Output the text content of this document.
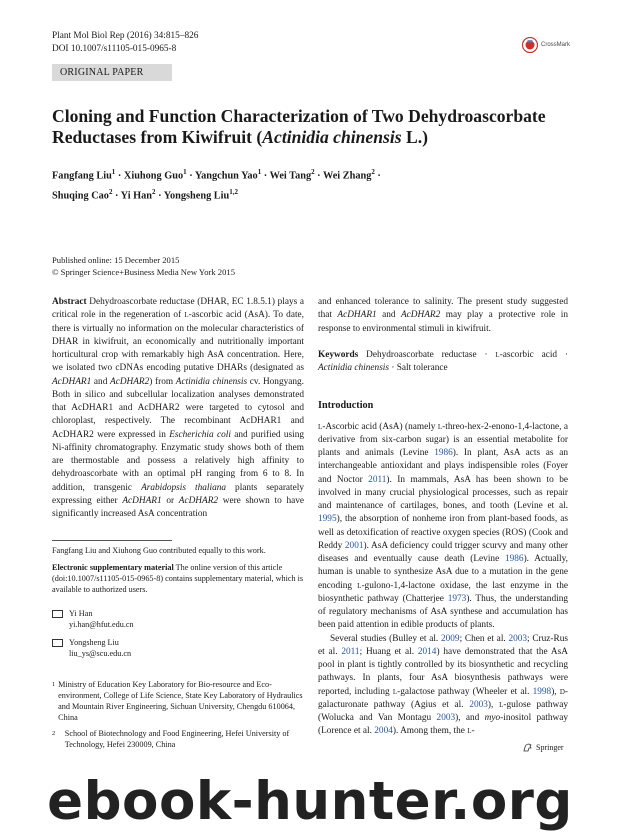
Plant Mol Biol Rep (2016) 34:815–826
DOI 10.1007/s11105-015-0965-8	CrossMark
ORIGINAL PAPER
Cloning and Function Characterization of Two Dehydroascorbate Reductases from Kiwifruit (Actinidia chinensis L.)
Fangfang Liu$^1$ · Xiuhong Guo$^1$ · Yangchun Yao$^1$ · Wei Tang$^2$ · Wei Zhang$^2$ ·
Shuqing Cao$^2$ · Yi Han$^2$ · Yongsheng Liu$^{1,2}$
Published online: 15 December 2015
© Springer Science+Business Media New York 2015

Abstract Dehydroascorbate reductase (DHAR, EC 1.8.5.1) plays a critical role in the regeneration of l-ascorbic acid (AsA). To date, there is virtually no information on the molecular characteristics of DHAR in kiwifruit, an economically and nutritionally important horticultural crop with remarkably high AsA concentration. Here, we isolated two cDNAs encoding putative DHARs (designated as AcDHAR1 and AcDHAR2) from Actinidia chinensis cv. Hongyang. Both in silico and subcellular localization analyses demonstrated that AcDHAR1 and AcDHAR2 were targeted to cytosol and chloroplast, respectively. The recombinant AcDHAR1 and AcDHAR2 were expressed in Escherichia coli and purified using Ni-affinity chromatography. Enzymatic study shows both of them are thermostable and possess a relatively high affinity to dehydroascorbate with an optimal pH ranging from 6 to 8. In addition, transgenic Arabidopsis thaliana plants separately expressing either AcDHAR1 or AcDHAR2 were shown to have significantly increased AsA concentration

and enhanced tolerance to salinity. The present study suggested that AcDHAR1 and AcDHAR2 may play a protective role in response to environmental stimuli in kiwifruit.

Keywords Dehydroascorbate reductase · l-ascorbic acid · Actinidia chinensis · Salt tolerance

Introduction

l-Ascorbic acid (AsA) (namely l-threo-hex-2-enono-1,4-lactone, a derivative from six-carbon sugar) is an essential metabolite for plants and animals (Levine 1986). In plant, AsA acts as an interchangeable antioxidant and plays indispensible roles (Foyer and Noctor 2011). In mammals, AsA has been shown to be involved in many crucial physiological processes, such as repair and maintenance of cartilages, bones, and tooth (Levine et al. 1995), the absorption of nonheme iron from plant-based foods, as well as detoxification of reactive oxygen species (ROS) (Cook and Reddy 2001). AsA deficiency could trigger scurvy and many other diseases and eventually cause death (Levine 1986). Actually, human is unable to synthesize AsA due to a mutation in the gene encoding l-gulono-1,4-lactone oxidase, the last enzyme in the biosynthetic pathway (Chatterjee 1973). Thus, the understanding of regulatory mechanisms of AsA synthese and accumulation has been paid attention in edible products of plants.

Several studies (Bulley et al. 2009; Chen et al. 2003; Cruz-Rus et al. 2011; Huang et al. 2014) have demonstrated that the AsA pool in plant is tightly controlled by its biosynthetic and recycling pathways. In plants, four AsA biosynthesis pathways were reported, including l-galactose pathway (Wheeler et al. 1998), d-galacturonate pathway (Agius et al. 2003), l-gulose pathway (Wolucka and Van Montagu 2003), and myo-inositol pathway (Lorence et al. 2004). Among them, the l-

Fangfang Liu and Xiuhong Guo contributed equally to this work.
Electronic supplementary material The online version of this article (doi:10.1007/s11105-015-0965-8) contains supplementary material, which is available to authorized users.
Yi Han
yi.han@hfut.edu.cn
Yongsheng Liu
liu_ys@scu.edu.cn
1 Ministry of Education Key Laboratory for Bio-resource and Eco-environment, College of Life Science, State Key Laboratory of Hydraulics and Mountain River Engineering, Sichuan University, Chengdu 610064, China
2	School of Biotechnology and Food Engineering, Hefei University of Technology, Hefei 230009, China	Springer
ebook-hunter.org
